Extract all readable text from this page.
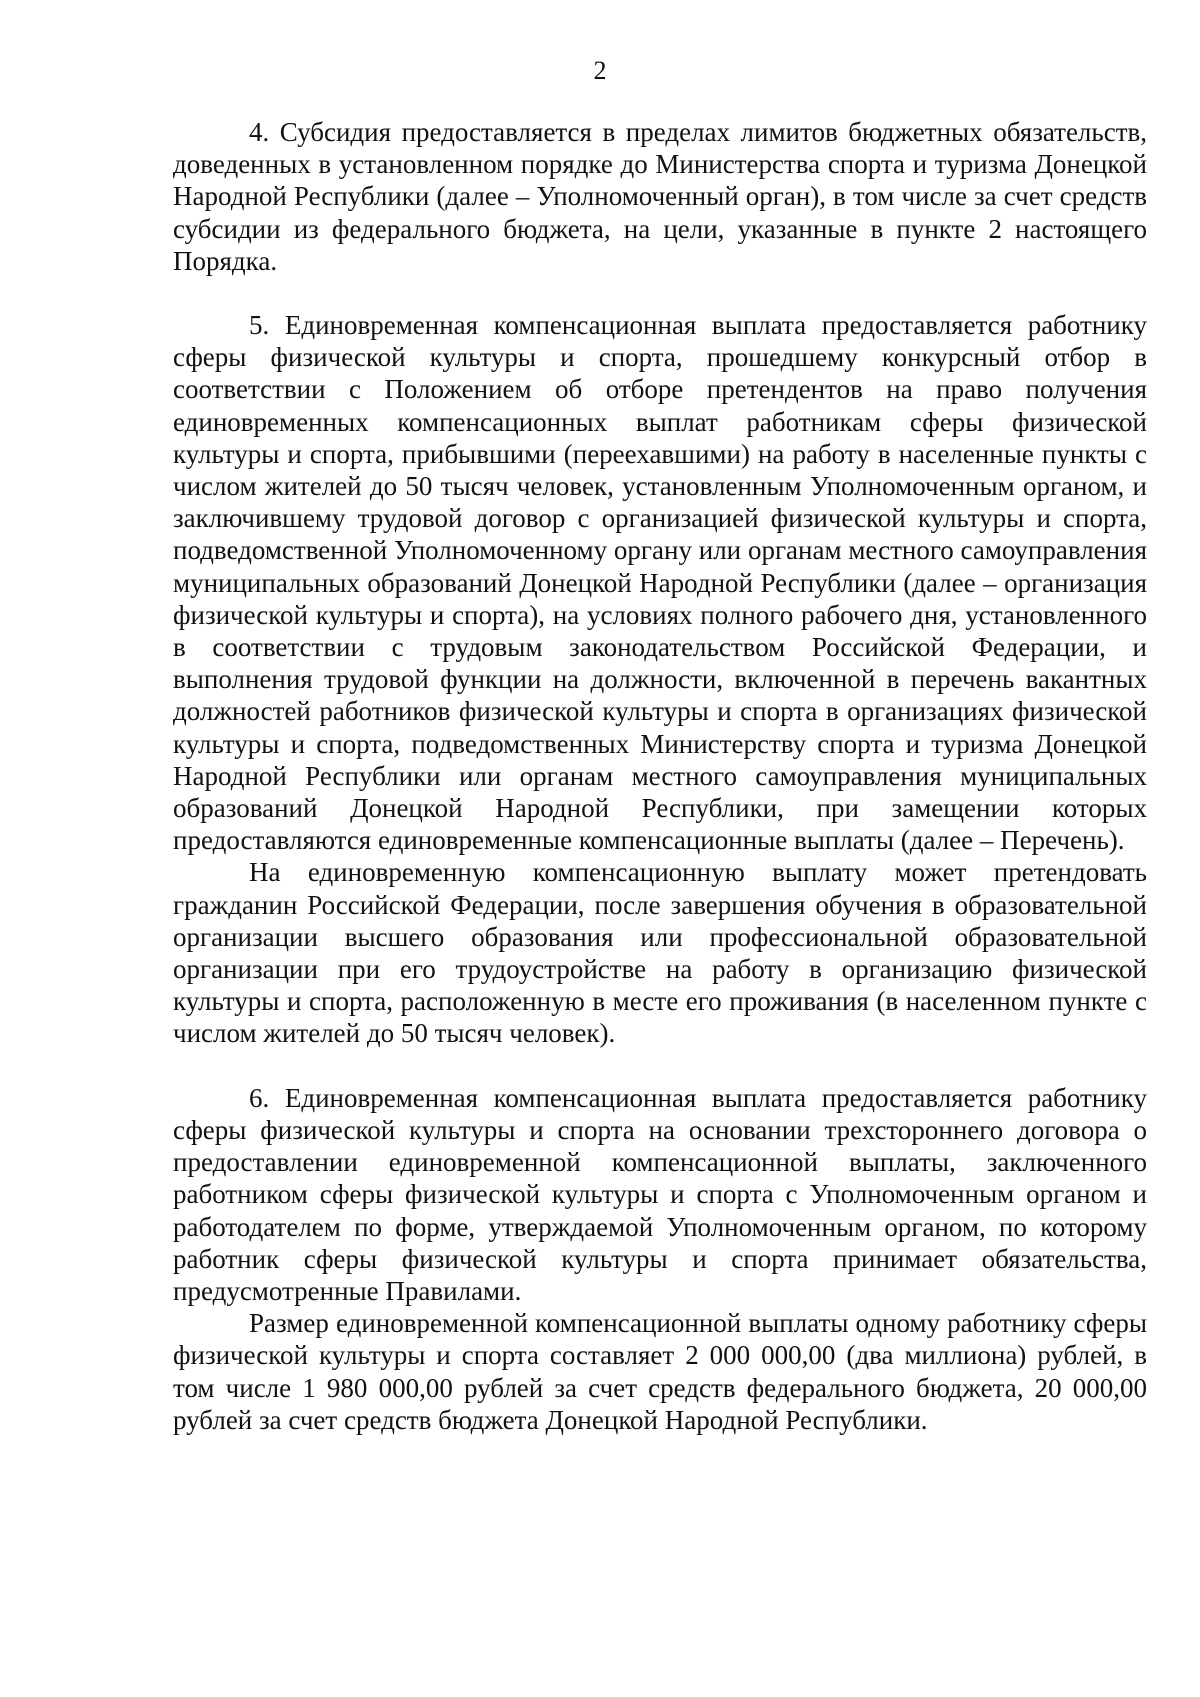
2

4. Субсидия предоставляется в пределах лимитов бюджетных обязательств, доведенных в установленном порядке до Министерства спорта и туризма Донецкой Народной Республики (далее – Уполномоченный орган), в том числе за счет средств субсидии из федерального бюджета, на цели, указанные в пункте 2 настоящего Порядка.

5. Единовременная компенсационная выплата предоставляется работнику сферы физической культуры и спорта, прошедшему конкурсный отбор в соответствии с Положением об отборе претендентов на право получения единовременных компенсационных выплат работникам сферы физической культуры и спорта, прибывшими (переехавшими) на работу в населенные пункты с числом жителей до 50 тысяч человек, установленным Уполномоченным органом, и заключившему трудовой договор с организацией физической культуры и спорта, подведомственной Уполномоченному органу или органам местного самоуправления муниципальных образований Донецкой Народной Республики (далее – организация физической культуры и спорта), на условиях полного рабочего дня, установленного в соответствии с трудовым законодательством Российской Федерации, и выполнения трудовой функции на должности, включенной в перечень вакантных должностей работников физической культуры и спорта в организациях физической культуры и спорта, подведомственных Министерству спорта и туризма Донецкой Народной Республики или органам местного самоуправления муниципальных образований Донецкой Народной Республики, при замещении которых предоставляются единовременные компенсационные выплаты (далее – Перечень).

На единовременную компенсационную выплату может претендовать гражданин Российской Федерации, после завершения обучения в образовательной организации высшего образования или профессиональной образовательной организации при его трудоустройстве на работу в организацию физической культуры и спорта, расположенную в месте его проживания (в населенном пункте с числом жителей до 50 тысяч человек).

6. Единовременная компенсационная выплата предоставляется работнику сферы физической культуры и спорта на основании трехстороннего договора о предоставлении единовременной компенсационной выплаты, заключенного работником сферы физической культуры и спорта с Уполномоченным органом и работодателем по форме, утверждаемой Уполномоченным органом, по которому работник сферы физической культуры и спорта принимает обязательства, предусмотренные Правилами.

Размер единовременной компенсационной выплаты одному работнику сферы физической культуры и спорта составляет 2 000 000,00 (два миллиона) рублей, в том числе 1 980 000,00 рублей за счет средств федерального бюджета, 20 000,00 рублей за счет средств бюджета Донецкой Народной Республики.
